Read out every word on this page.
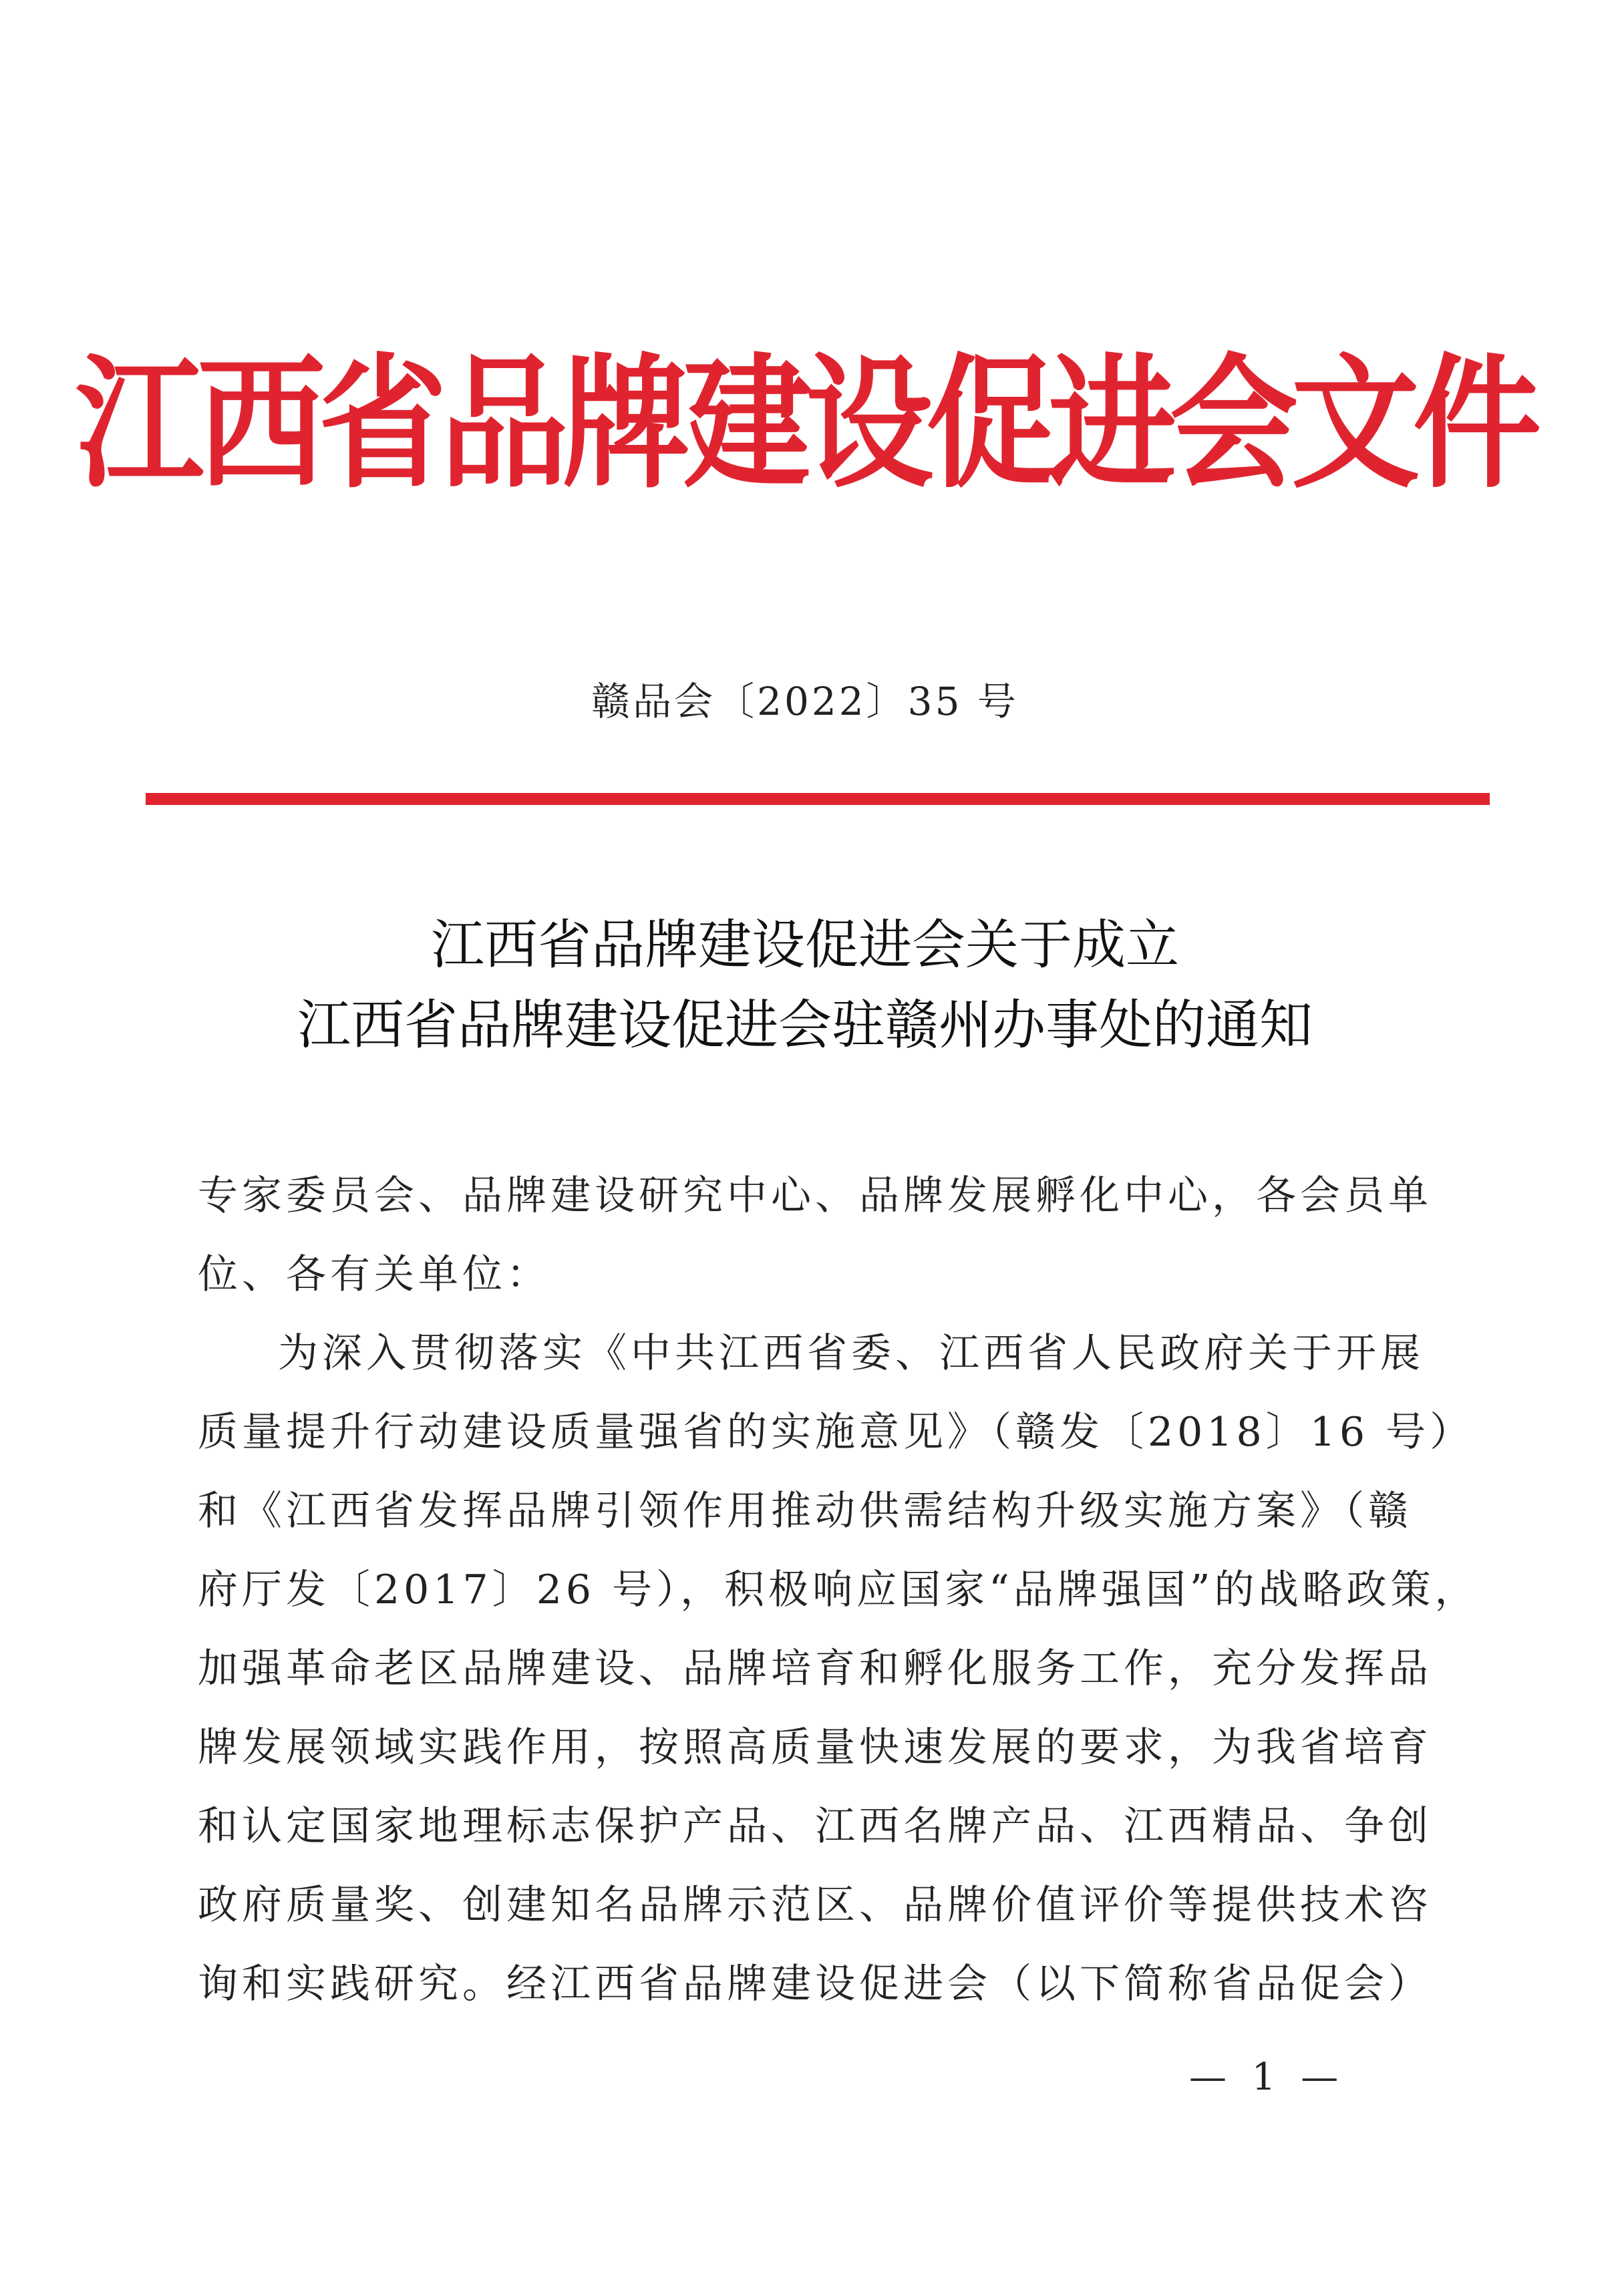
江西省品牌建设促进会文件
赣品会〔2022〕35 号
江西省品牌建设促进会关于成立
江西省品牌建设促进会驻赣州办事处的通知
专家委员会、品牌建设研究中心、品牌发展孵化中心，各会员单
位、各有关单位：
为深入贯彻落实《中共江西省委、江西省人民政府关于开展
质量提升行动建设质量强省的实施意见》（赣发〔2018〕16 号）
和《江西省发挥品牌引领作用推动供需结构升级实施方案》（赣
府厅发〔2017〕26 号），积极响应国家“品牌强国”的战略政策，
加强革命老区品牌建设、品牌培育和孵化服务工作，充分发挥品
牌发展领域实践作用，按照高质量快速发展的要求，为我省培育
和认定国家地理标志保护产品、江西名牌产品、江西精品、争创
政府质量奖、创建知名品牌示范区、品牌价值评价等提供技术咨
询和实践研究。经江西省品牌建设促进会（以下简称省品促会）
— 1 —
